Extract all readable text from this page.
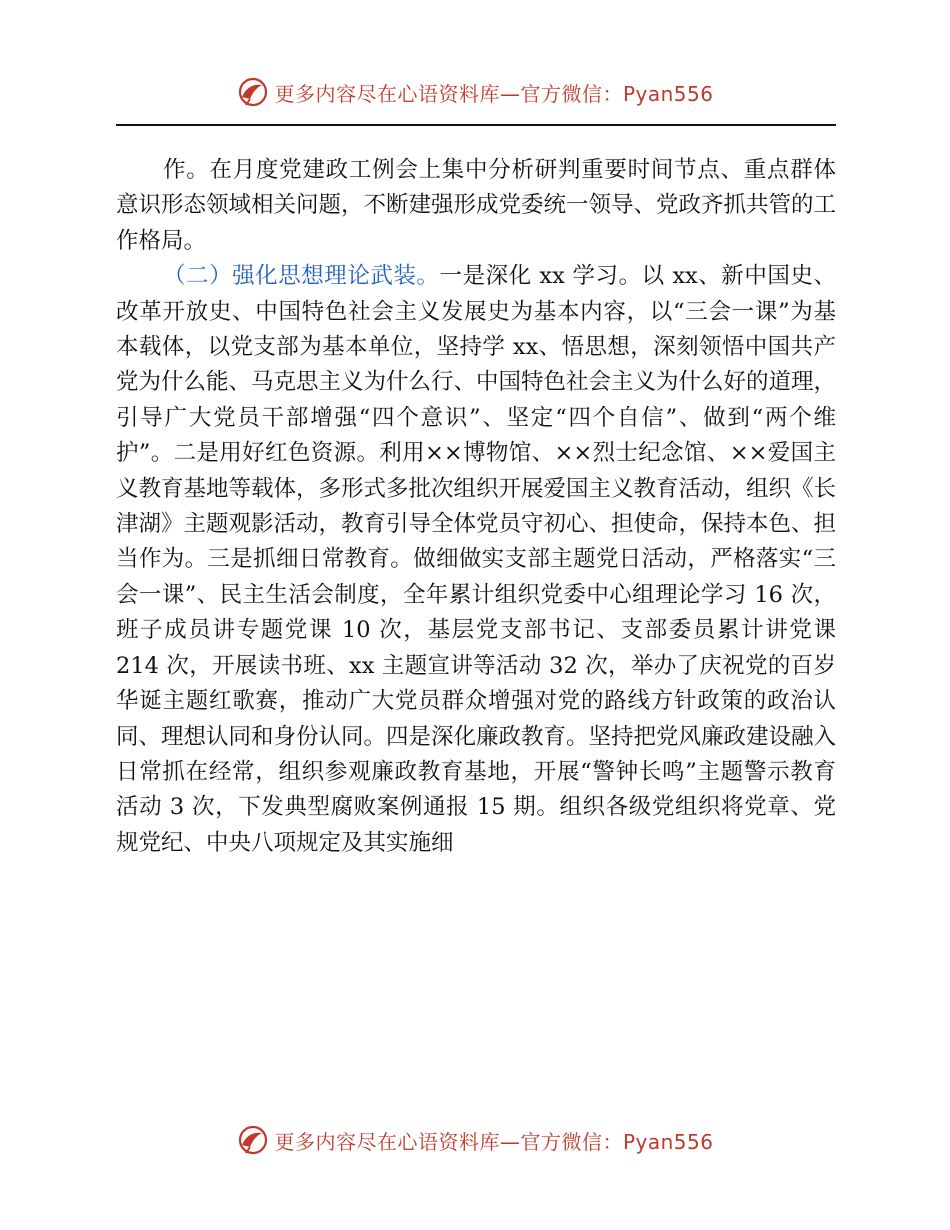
更多内容尽在心语资料库—官方微信：Pyan556

作。在月度党建政工例会上集中分析研判重要时间节点、重点群体意识形态领域相关问题，不断建强形成党委统一领导、党政齐抓共管的工作格局。

（二）强化思想理论武装。一是深化 xx 学习。以 xx、新中国史、改革开放史、中国特色社会主义发展史为基本内容，以“三会一课”为基本载体，以党支部为基本单位，坚持学 xx、悟思想，深刻领悟中国共产党为什么能、马克思主义为什么行、中国特色社会主义为什么好的道理，引导广大党员干部增强“四个意识”、坚定“四个自信”、做到“两个维护”。二是用好红色资源。利用××博物馆、××烈士纪念馆、××爱国主义教育基地等载体，多形式多批次组织开展爱国主义教育活动，组织《长津湖》主题观影活动，教育引导全体党员守初心、担使命，保持本色、担当作为。三是抓细日常教育。做细做实支部主题党日活动，严格落实“三会一课”、民主生活会制度，全年累计组织党委中心组理论学习 16 次，班子成员讲专题党课 10 次，基层党支部书记、支部委员累计讲党课 214 次，开展读书班、xx 主题宣讲等活动 32 次，举办了庆祝党的百岁华诞主题红歌赛，推动广大党员群众增强对党的路线方针政策的政治认同、理想认同和身份认同。四是深化廉政教育。坚持把党风廉政建设融入日常抓在经常，组织参观廉政教育基地，开展“警钟长鸣”主题警示教育活动 3 次，下发典型腐败案例通报 15 期。组织各级党组织将党章、党规党纪、中央八项规定及其实施细

更多内容尽在心语资料库—官方微信：Pyan556
